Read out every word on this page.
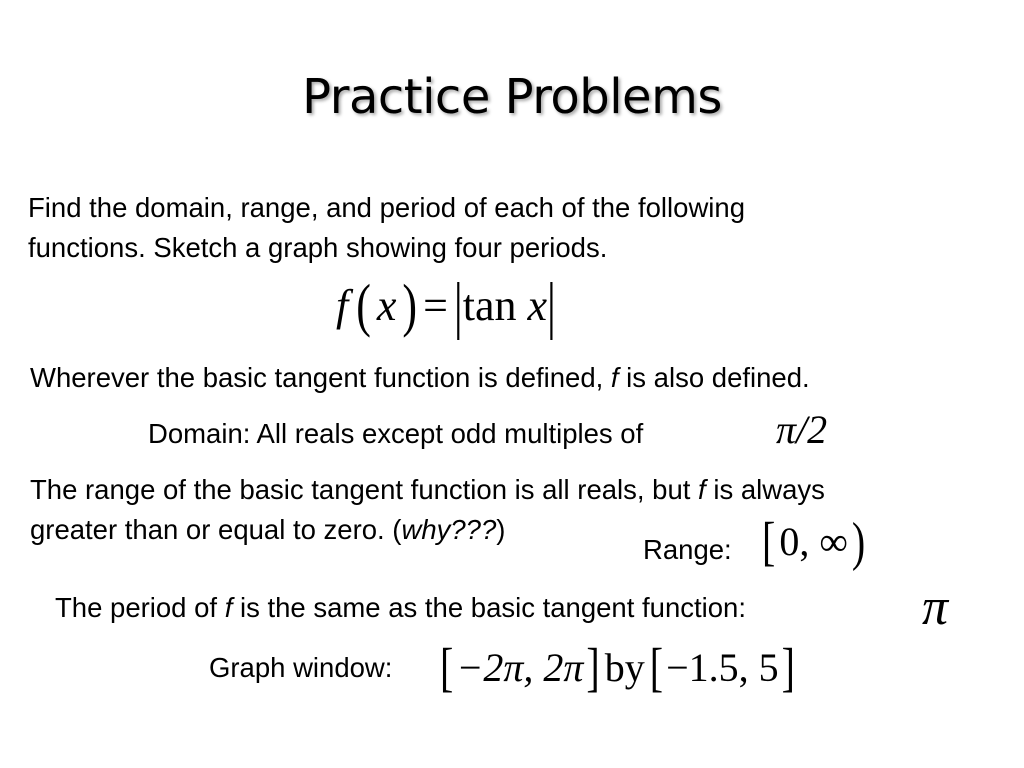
Practice Problems
Find the domain, range, and period of each of the following
functions. Sketch a graph showing four periods.
f ( x ) = |tan x|
Wherever the basic tangent function is defined, f is also defined.
Domain: All reals except odd multiples of	π/2
The range of the basic tangent function is all reals, but f is always
greater than or equal to zero. (why???)
Range: [ 0, ∞ )
The period of f is the same as the basic tangent function:	π
Graph window: [−2π, 2π] by [−1.5, 5]
